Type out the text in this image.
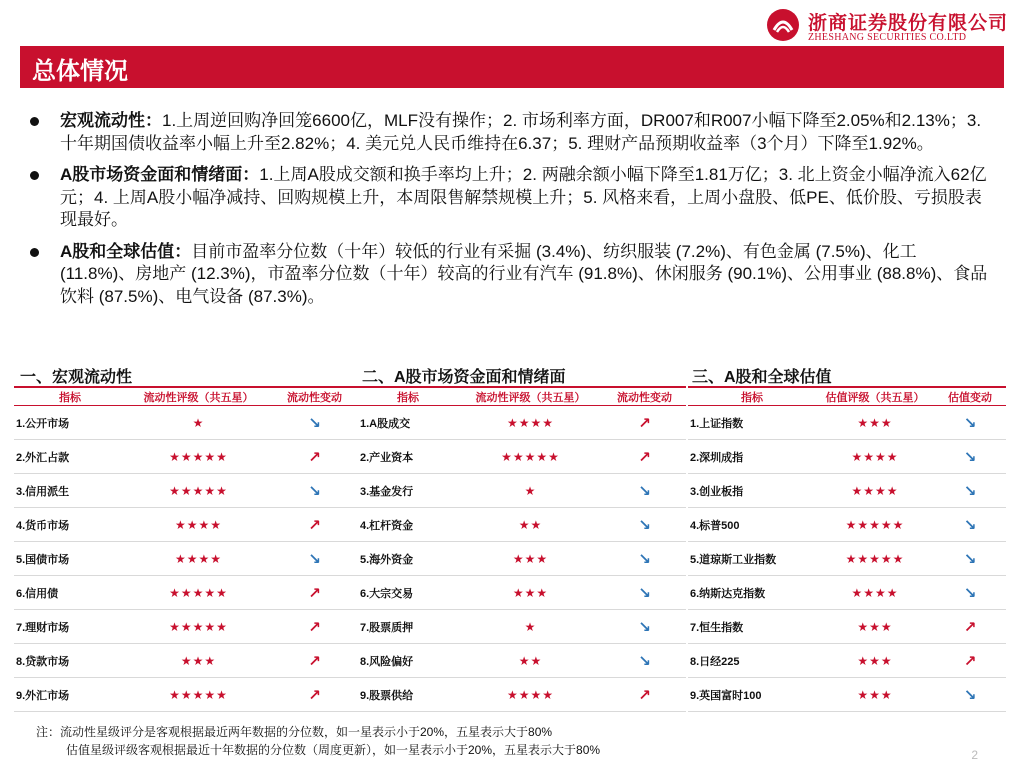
浙商证券股份有限公司
ZHESHANG SECURITIES CO.LTD
总体情况
宏观流动性：1.上周逆回购净回笼6600亿，MLF没有操作；2. 市场利率方面，DR007和R007小幅下降至2.05%和2.13%；3. 十年期国债收益率小幅上升至2.82%；4. 美元兑人民币维持在6.37；5. 理财产品预期收益率（3个月）下降至1.92%。
A股市场资金面和情绪面：1.上周A股成交额和换手率均上升；2. 两融余额小幅下降至1.81万亿；3. 北上资金小幅净流入62亿元；4. 上周A股小幅净减持、回购规模上升，本周限售解禁规模上升；5. 风格来看，上周小盘股、低PE、低价股、亏损股表现最好。
A股和全球估值：目前市盈率分位数（十年）较低的行业有采掘 (3.4%)、纺织服装 (7.2%)、有色金属 (7.5%)、化工 (11.8%)、房地产 (12.3%)，市盈率分位数（十年）较高的行业有汽车 (91.8%)、休闲服务 (90.1%)、公用事业 (88.8%)、食品饮料 (87.5%)、电气设备 (87.3%)。
一、宏观流动性	二、A股市场资金面和情绪面	三、A股和全球估值
指标	流动性评级（共五星）	流动性变动
1.公开市场	★	↘
2.外汇占款	★★★★★	↗
3.信用派生	★★★★★	↘
4.货币市场	★★★★	↗
5.国债市场	★★★★	↘
6.信用债	★★★★★	↗
7.理财市场	★★★★★	↗
8.贷款市场	★★★	↗
9.外汇市场	★★★★★	↗
指标	流动性评级（共五星）	流动性变动
1.A股成交	★★★★	↗
2.产业资本	★★★★★	↗
3.基金发行	★	↘
4.杠杆资金	★★	↘
5.海外资金	★★★	↘
6.大宗交易	★★★	↘
7.股票质押	★	↘
8.风险偏好	★★	↘
9.股票供给	★★★★	↗
指标	估值评级（共五星）	估值变动
1.上证指数	★★★	↘
2.深圳成指	★★★★	↘
3.创业板指	★★★★	↘
4.标普500	★★★★★	↘
5.道琼斯工业指数	★★★★★	↘
6.纳斯达克指数	★★★★	↘
7.恒生指数	★★★	↗
8.日经225	★★★	↗
9.英国富时100	★★★	↘
注：流动性星级评分是客观根据最近两年数据的分位数，如一星表示小于20%，五星表示大于80%
估值星级评级客观根据最近十年数据的分位数（周度更新），如一星表示小于20%，五星表示大于80%	2
